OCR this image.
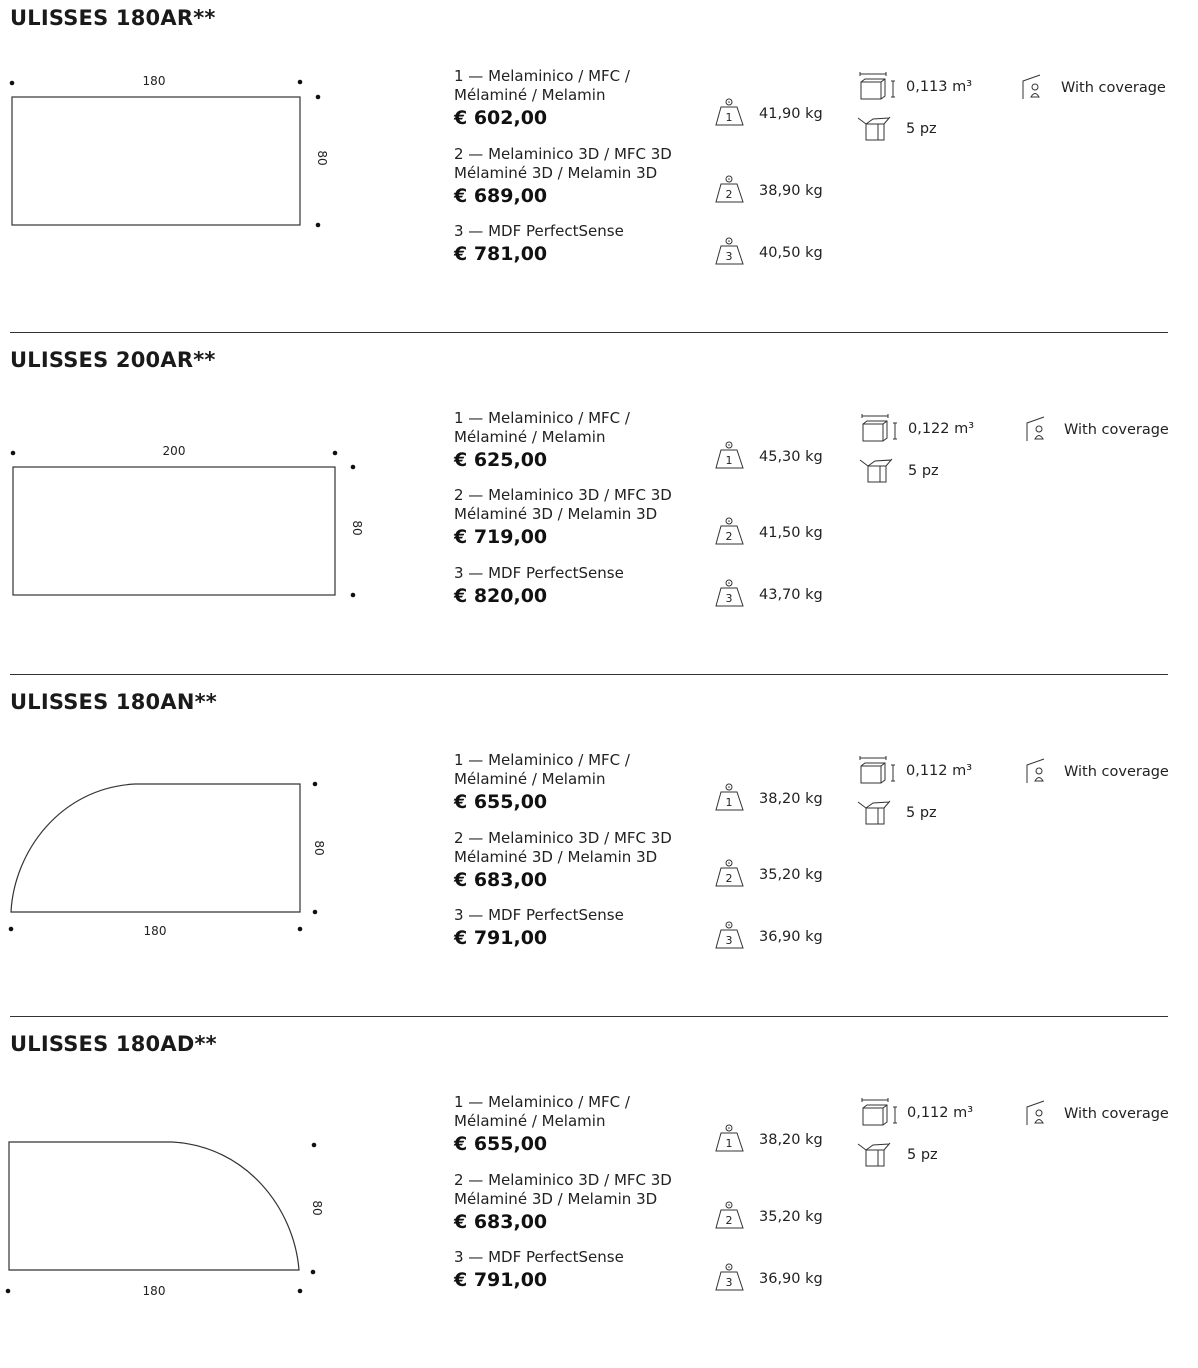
ULISSES 180AR**
180
80
1 — Melaminico / MFC /
Mélaminé / Melamin
€ 602,00
2 — Melaminico 3D / MFC 3D
Mélaminé 3D / Melamin 3D
€ 689,00
3 — MDF PerfectSense
€ 781,00
1 41,90 kg
2 38,90 kg
3 40,50 kg
0,113 m³
5 pz
With coverage
ULISSES 200AR**
200
80
1 — Melaminico / MFC /
Mélaminé / Melamin
€ 625,00
2 — Melaminico 3D / MFC 3D
Mélaminé 3D / Melamin 3D
€ 719,00
3 — MDF PerfectSense
€ 820,00
1 45,30 kg
2 41,50 kg
3 43,70 kg
0,122 m³
5 pz
With coverage
ULISSES 180AN**
180
80
1 — Melaminico / MFC /
Mélaminé / Melamin
€ 655,00
2 — Melaminico 3D / MFC 3D
Mélaminé 3D / Melamin 3D
€ 683,00
3 — MDF PerfectSense
€ 791,00
1 38,20 kg
2 35,20 kg
3 36,90 kg
0,112 m³
5 pz
With coverage
ULISSES 180AD**
180
80
1 — Melaminico / MFC /
Mélaminé / Melamin
€ 655,00
2 — Melaminico 3D / MFC 3D
Mélaminé 3D / Melamin 3D
€ 683,00
3 — MDF PerfectSense
€ 791,00
1 38,20 kg
2 35,20 kg
3 36,90 kg
0,112 m³
5 pz
With coverage
